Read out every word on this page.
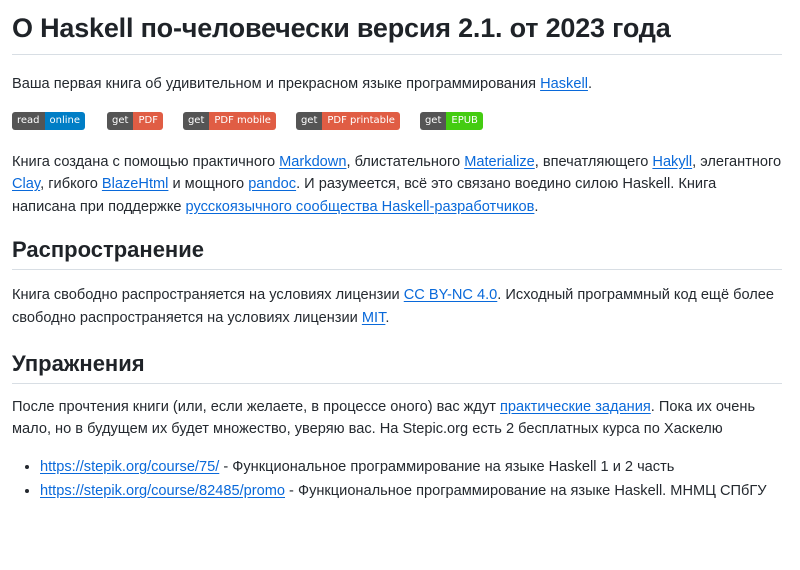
О Haskell по-человечески версия 2.1. от 2023 года

Ваша первая книга об удивительном и прекрасном языке программирования Haskell.

read	online	get	PDF	get	PDF mobile	get	PDF printable	get	EPUB

Книга создана с помощью практичного Markdown, блистательного Materialize, впечатляющего Hakyll, элегантного Clay, гибкого BlazeHtml и мощного pandoc. И разумеется, всё это связано воедино силою Haskell. Книга написана при поддержке русскоязычного сообщества Haskell-разработчиков.

Распространение

Книга свободно распространяется на условиях лицензии CC BY-NC 4.0. Исходный программный код ещё более свободно распространяется на условиях лицензии MIT.

Упражнения

После прочтения книги (или, если желаете, в процессе оного) вас ждут практические задания. Пока их очень мало, но в будущем их будет множество, уверяю вас. На Stepic.org есть 2 бесплатных курса по Хаскелю

• https://stepik.org/course/75/ - Функциональное программирование на языке Haskell 1 и 2 часть
• https://stepik.org/course/82485/promo - Функциональное программирование на языке Haskell. МНМЦ СПбГУ
